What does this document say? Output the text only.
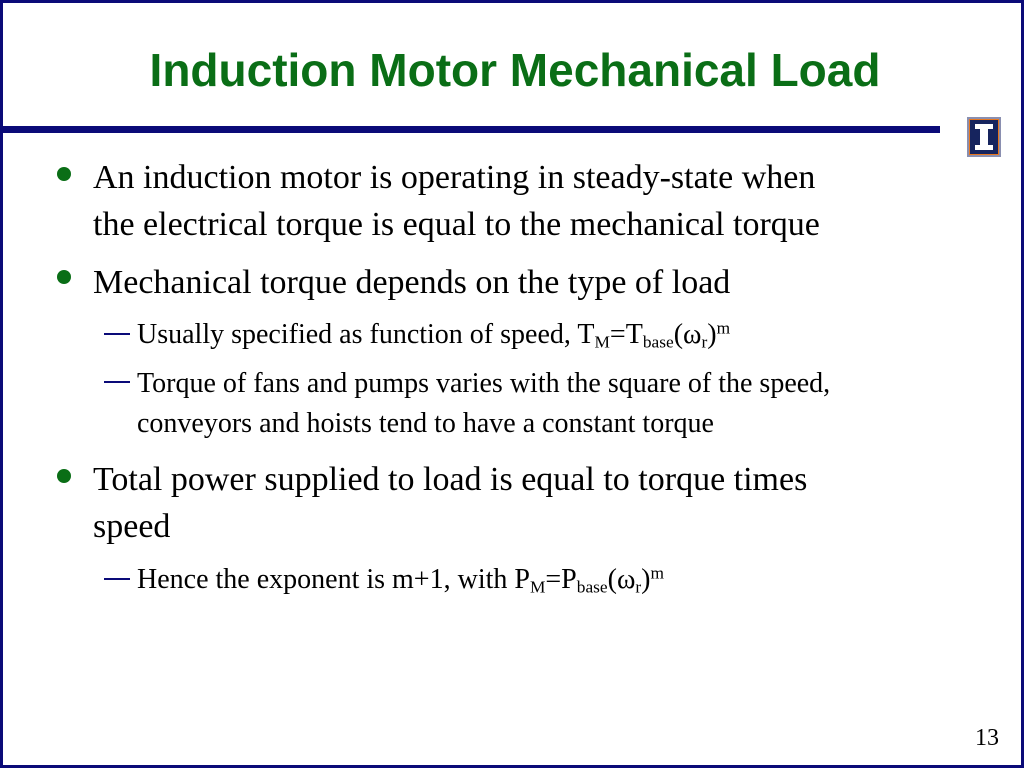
Induction Motor Mechanical Load
An induction motor is operating in steady-state when
the electrical torque is equal to the mechanical torque
Mechanical torque depends on the type of load
Usually specified as function of speed, $T_M=T_{base}(\omega_r)^m$
Torque of fans and pumps varies with the square of the speed,
conveyors and hoists tend to have a constant torque
Total power supplied to load is equal to torque times
speed
Hence the exponent is m+1, with $P_M=P_{base}(\omega_r)^m$
13
